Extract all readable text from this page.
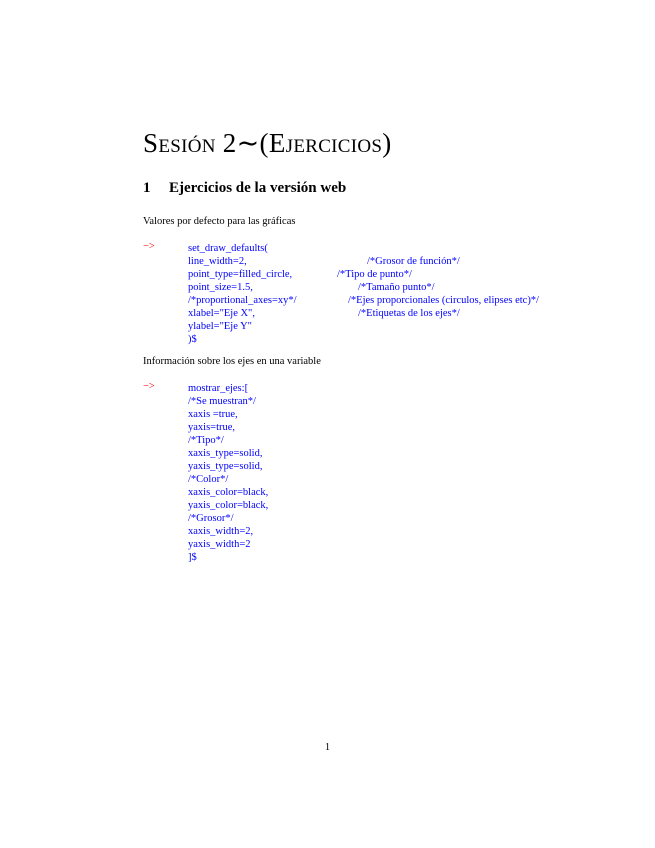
Sesión 2∼(Ejercicios)
1 Ejercicios de la versión web
Valores por defecto para las gráficas
−>	set_draw_defaults(
line_width=2,
point_type=filled_circle,
point_size=1.5,
/*proportional_axes=xy*/
xlabel="Eje X",
ylabel="Eje Y"
)$
/*Grosor de función*/
/*Tipo de punto*/
/*Tamaño punto*/
/*Ejes proporcionales (circulos, elipses etc)*/
/*Etiquetas de los ejes*/
Información sobre los ejes en una variable
−>	mostrar_ejes:[
/*Se muestran*/
xaxis =true,
yaxis=true,
/*Tipo*/
xaxis_type=solid,
yaxis_type=solid,
/*Color*/
xaxis_color=black,
yaxis_color=black,
/*Grosor*/
xaxis_width=2,
yaxis_width=2
]$
1
